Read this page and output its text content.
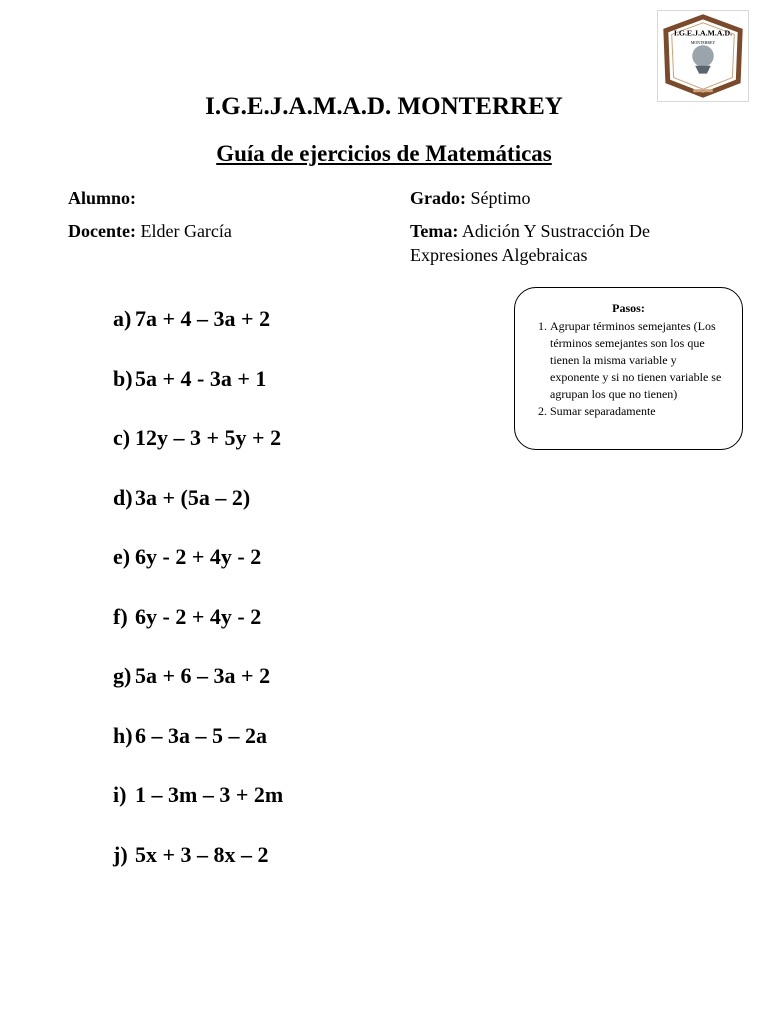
I.G.E.J.A.M.A.D.
MONTERREY
I.G.E.J.A.M.A.D. MONTERREY
Guía de ejercicios de Matemáticas
Alumno:	Grado: Séptimo
Docente: Elder García	Tema: Adición Y Sustracción De Expresiones Algebraicas
a) 7a + 4 – 3a + 2
b) 5a + 4 - 3a + 1
c) 12y – 3 + 5y + 2
d) 3a + (5a – 2)
e) 6y - 2 + 4y - 2
f) 6y - 2 + 4y - 2
g) 5a + 6 – 3a + 2
h) 6 – 3a – 5 – 2a
i) 1 – 3m – 3 + 2m
j) 5x + 3 – 8x – 2
Pasos:
1. Agrupar términos semejantes (Los términos semejantes son los que tienen la misma variable y exponente y si no tienen variable se agrupan los que no tienen)
2. Sumar separadamente
